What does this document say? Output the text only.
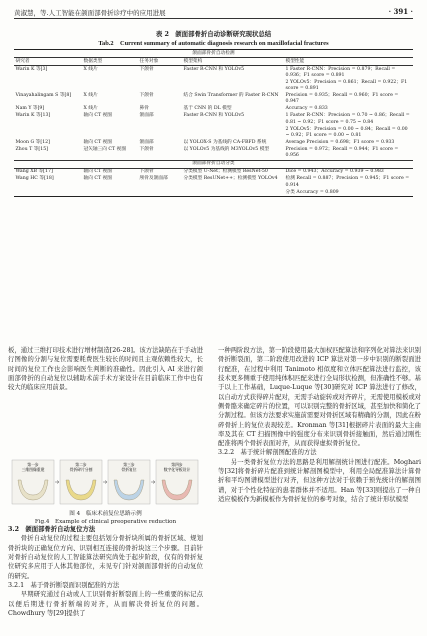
黄淑慧，等.人工智能在颌面部骨折诊疗中的应用进展	· 391 ·
表 2　颌面部骨折自动诊断研究现状总结
Tab.2　Current summary of automatic diagnosis research on maxillofacial fractures
颌面部骨折自动检测				
研究者	数据类型	任务对象	模型架构	模型性能
Warin K 等[3]	X 线片	下颌骨	Faster R-CNN 和 YOLOv5	1 Faster R-CNN：Precision = 0.879；Recall = 0.936；F1 score = 0.891
				2 YOLOv5：Precision = 0.861；Recall = 0.922；F1 score = 0.891
Vinayahalingam S 等[8]	X 线片	下颌骨	结合 Swin Transformer 的 Faster R-CNN	Precision = 0.935；Recall = 0.960；F1 score = 0.947
Nam Y 等[9]	X 线片	鼻骨	基于 CNN 的 DL 模型	Accuracy = 0.833
Warin K 等[13]	轴向 CT 视图	颌面部	Faster R-CNN 和 YOLOv5	1 Faster R-CNN：Precision = 0.70 ~ 0.86；Recall = 0.81 ~ 0.92；F1 score = 0.75 ~ 0.84
				2 YOLOv5：Precision = 0.00 ~ 0.84；Recall = 0.00 ~ 0.92；F1 score = 0.00 ~ 0.81
Moon G 等[12]	轴向 CT 视图	颌面部	以 YOLOX-S 为基线的 CA-FBFD 系统	Average Precision = 0.698；F1 score = 0.933
Zhou T 等[15]	冠矢轴三向 CT 视图	下颌骨	以 YOLOv5 为基线的 M3YOLOv5 模型	Precision = 0.972；Recall = 0.944；F1 score = 0.956
颌面部骨折自动分类				
Wang XB 等[17]	轴向 CT 视图	下颌骨	分类模型 U-Net；检测模型 ResNet-50	Dice = 0.943；Accuracy = 0.939 ~ 0.983
Wang HC 等[18]	轴向 CT 视图	颅骨及颌面部	分类模型 ResUNet++；检测模型 YOLOv4	检测 Recall = 0.887；Precision = 0.945；F1 score = 0.914
				分类 Accuracy = 0.809

板，通过三维打印技术进行增材制造[26-28]。该方法缺陷在于手动进行图像的分割与复位需要耗费医生较长的时间且主观依赖性较大，长时间的复位工作也会影响医生判断的准确性。因此引入 AI 来进行颌面部骨折的自动复位以辅助术前手术方案设计在目前临床工作中也有较大的临床应用前景。

第一步
三维图像重建
第二步
骨折碎片分割
第三步
骨折复位
第四步
数字化导板设计
图 4　临床术前复位思路示例
Fig.4　Example of clinical preoperative reduction
3.2　颌面部骨折自动复位方法

骨折自动复位的过程主要包括划分骨折块所属的骨折区域、规划骨折块的正确复位方向、识别相互连接的骨折块这三个步骤。目前针对骨折自动复位的人工智能算法研究尚处于起步阶段，仅有的骨折复位研究多应用于人体其他部位，未见专门针对颌面部骨折的自动复位的研究。

3.2.1　基于骨折断裂面识别配准的方法

早期研究通过自动或人工识别骨折断裂面上的一些重要的标记点以便后期进行骨折断端的对齐，从而解决骨折复位的问题。Chowdhury 等[29]提供了

一种两阶段方法，第一阶段使用最大加权匹配算法和序列化对算法来识别骨折断裂面，第二阶段使用改进的 ICP 算法对第一步中识别的断裂面进行配准，在过程中利用 Tanimoto 相似度和立体匹配算法进行监控，该技术更多侧重于使用纯体积匹配来进行全局形状检测，但准确性不够。基于以上工作基础，Luque-Luque 等[30]研究对 ICP 算法进行了修改，以自动方式获得碎片配对，无需手动旋转或对齐碎片，无需使用模板或对侧骨骼来确定碎片的位置，可以识别完整的骨折区域，甚至加快和简化了分割过程。但该方法要求实施前需要对骨折区域有精确的分割，因此在粉碎骨折上的复位表现较差。Kronman 等[31]根据碎片表面的最大主曲率及其在 CT 扫描图像中的强度分布来识别骨折接触面，然后通过刚性配准将两个骨折表面对齐，从而获得虚拟骨折复位。

3.2.2　基于统计解剖图配准的方法

另一类骨折复位方法的思路是利用解剖统计图进行配准。Moghari 等[32]将骨折碎片配准到统计解剖图模型中，利用全局配准算法计算骨折和平均图谱模型进行对齐，但这种方法对于依赖于预先统计的解剖图谱，对于个性化特征的患者群体并不适用。Han 等[33]则提出了一种自适应模板作为新模板作为骨折复位的参考对象，结合了统计形状模型
